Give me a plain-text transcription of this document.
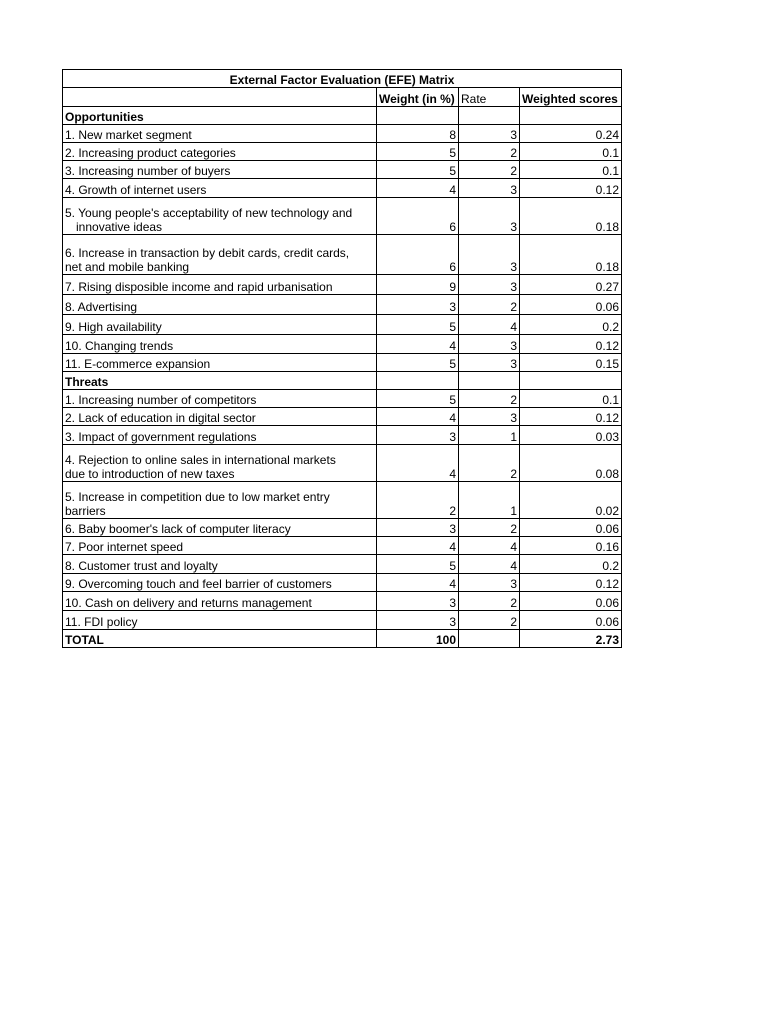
External Factor Evaluation (EFE) Matrix			
	Weight (in %)	Rate	Weighted scores
Opportunities			
1. New market segment	8	3	0.24
2. Increasing product categories	5	2	0.1
3. Increasing number of buyers	5	2	0.1
4. Growth of internet users	4	3	0.12
5. Young people's acceptability of new technology and
innovative ideas	6	3	0.18
6. Increase in transaction by debit cards, credit cards,
net and mobile banking	6	3	0.18
7. Rising disposible income and rapid urbanisation	9	3	0.27
8. Advertising	3	2	0.06
9. High availability	5	4	0.2
10. Changing trends	4	3	0.12
11. E-commerce expansion	5	3	0.15
Threats			
1. Increasing number of competitors	5	2	0.1
2. Lack of education in digital sector	4	3	0.12
3. Impact of government regulations	3	1	0.03
4. Rejection to online sales in international markets
due to introduction of new taxes	4	2	0.08
5. Increase in competition due to low market entry
barriers	2	1	0.02
6. Baby boomer's lack of computer literacy	3	2	0.06
7. Poor internet speed	4	4	0.16
8. Customer trust and loyalty	5	4	0.2
9. Overcoming touch and feel barrier of customers	4	3	0.12
10. Cash on delivery and returns management	3	2	0.06
11. FDI policy	3	2	0.06
TOTAL	100		2.73
